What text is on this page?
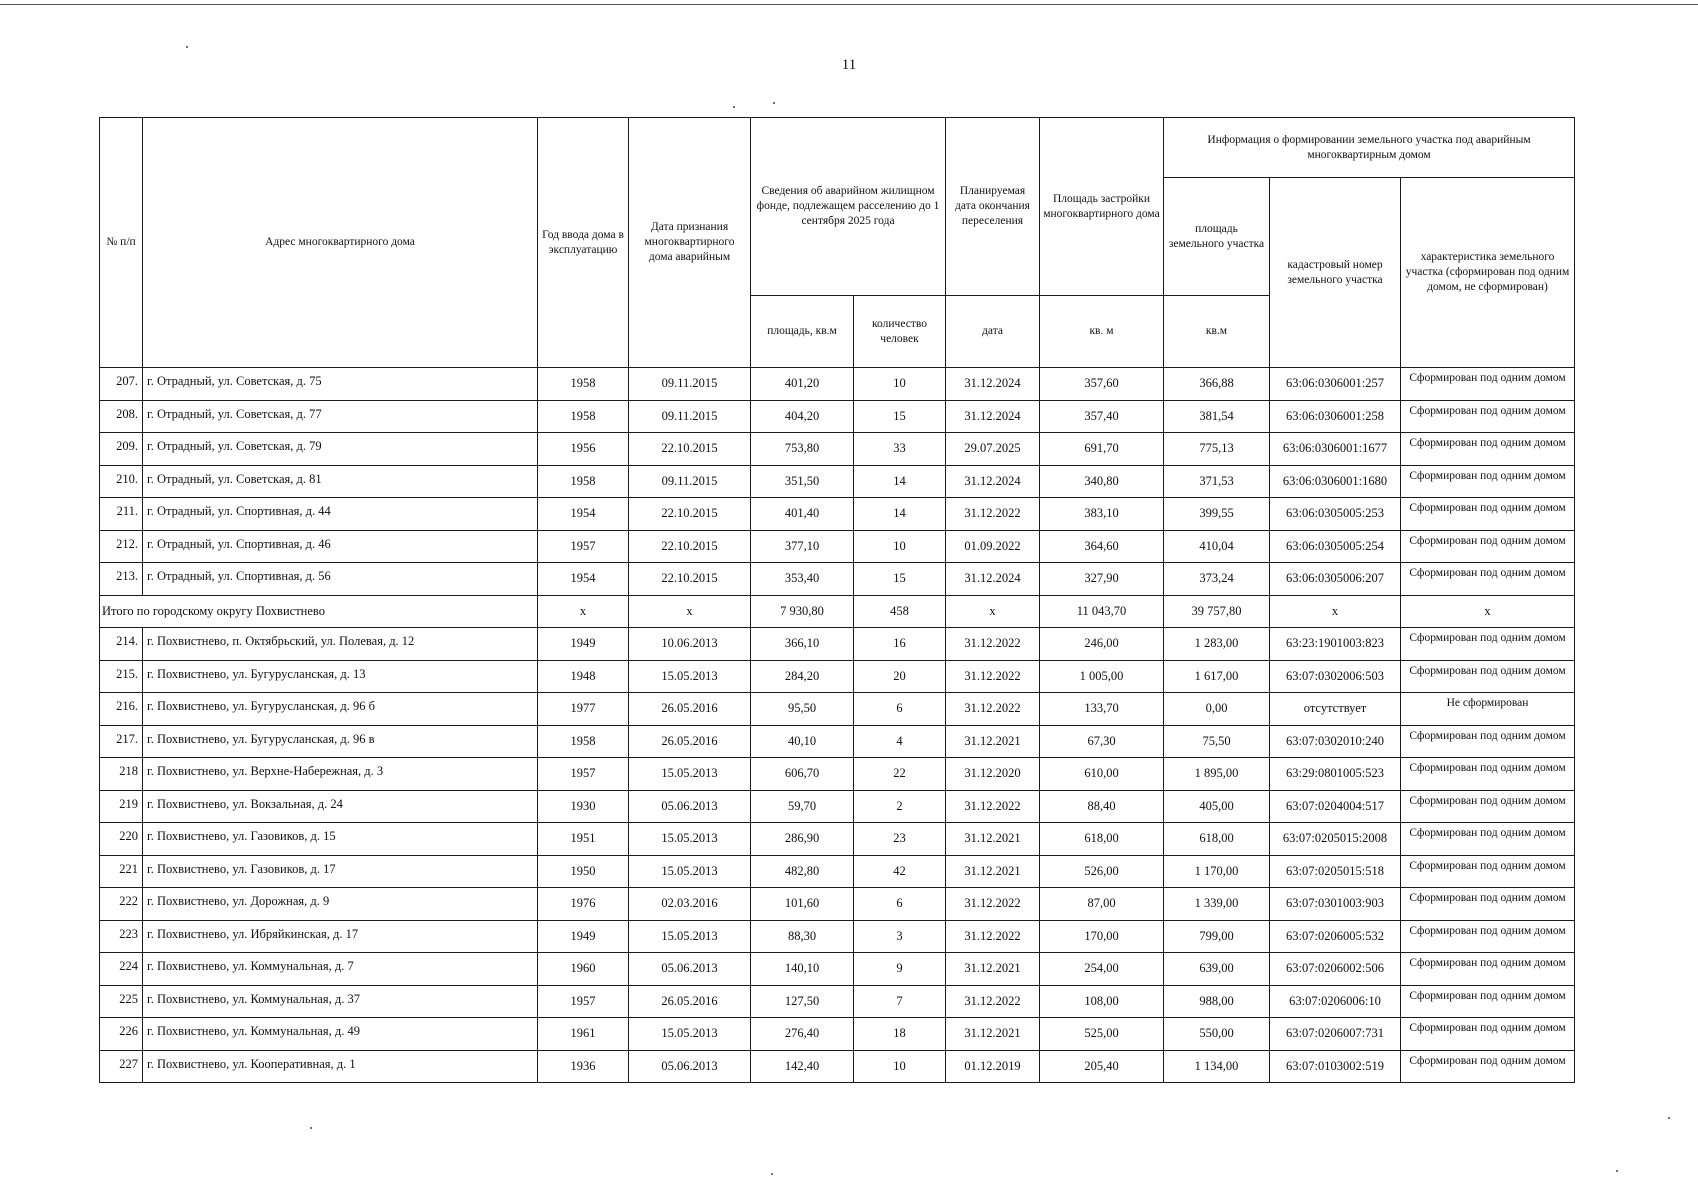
11
№ п/п	Адрес многоквартирного дома	Год ввода дома в эксплуатацию	Дата признания многоквартирного дома аварийным	Сведения об аварийном жилищном фонде, подлежащем расселению до 1 сентября 2025 года		Планируемая дата окончания переселения	Площадь застройки многоквартирного дома	Информация о формировании земельного участка под аварийным многоквартирным домом		
								площадь земельного участка	кадастровый номер земельного участка	характеристика земельного участка (сформирован под одним домом, не сформирован)
				площадь, кв.м	количество человек	дата	кв. м	кв.м		
207.	г. Отрадный, ул. Советская, д. 75	1958	09.11.2015	401,20	10	31.12.2024	357,60	366,88	63:06:0306001:257	Сформирован под одним домом
208.	г. Отрадный, ул. Советская, д. 77	1958	09.11.2015	404,20	15	31.12.2024	357,40	381,54	63:06:0306001:258	Сформирован под одним домом
209.	г. Отрадный, ул. Советская, д. 79	1956	22.10.2015	753,80	33	29.07.2025	691,70	775,13	63:06:0306001:1677	Сформирован под одним домом
210.	г. Отрадный, ул. Советская, д. 81	1958	09.11.2015	351,50	14	31.12.2024	340,80	371,53	63:06:0306001:1680	Сформирован под одним домом
211.	г. Отрадный, ул. Спортивная, д. 44	1954	22.10.2015	401,40	14	31.12.2022	383,10	399,55	63:06:0305005:253	Сформирован под одним домом
212.	г. Отрадный, ул. Спортивная, д. 46	1957	22.10.2015	377,10	10	01.09.2022	364,60	410,04	63:06:0305005:254	Сформирован под одним домом
213.	г. Отрадный, ул. Спортивная, д. 56	1954	22.10.2015	353,40	15	31.12.2024	327,90	373,24	63:06:0305006:207	Сформирован под одним домом
Итого по городскому округу Похвистнево		x	x	7 930,80	458	x	11 043,70	39 757,80	x	x
214.	г. Похвистнево, п. Октябрьский, ул. Полевая, д. 12	1949	10.06.2013	366,10	16	31.12.2022	246,00	1 283,00	63:23:1901003:823	Сформирован под одним домом
215.	г. Похвистнево, ул. Бугурусланская, д. 13	1948	15.05.2013	284,20	20	31.12.2022	1 005,00	1 617,00	63:07:0302006:503	Сформирован под одним домом
216.	г. Похвистнево, ул. Бугурусланская, д. 96 б	1977	26.05.2016	95,50	6	31.12.2022	133,70	0,00	отсутствует	Не сформирован
217.	г. Похвистнево, ул. Бугурусланская, д. 96 в	1958	26.05.2016	40,10	4	31.12.2021	67,30	75,50	63:07:0302010:240	Сформирован под одним домом
218	г. Похвистнево, ул. Верхне-Набережная, д. 3	1957	15.05.2013	606,70	22	31.12.2020	610,00	1 895,00	63:29:0801005:523	Сформирован под одним домом
219	г. Похвистнево, ул. Вокзальная, д. 24	1930	05.06.2013	59,70	2	31.12.2022	88,40	405,00	63:07:0204004:517	Сформирован под одним домом
220	г. Похвистнево, ул. Газовиков, д. 15	1951	15.05.2013	286,90	23	31.12.2021	618,00	618,00	63:07:0205015:2008	Сформирован под одним домом
221	г. Похвистнево, ул. Газовиков, д. 17	1950	15.05.2013	482,80	42	31.12.2021	526,00	1 170,00	63:07:0205015:518	Сформирован под одним домом
222	г. Похвистнево, ул. Дорожная, д. 9	1976	02.03.2016	101,60	6	31.12.2022	87,00	1 339,00	63:07:0301003:903	Сформирован под одним домом
223	г. Похвистнево, ул. Ибряйкинская, д. 17	1949	15.05.2013	88,30	3	31.12.2022	170,00	799,00	63:07:0206005:532	Сформирован под одним домом
224	г. Похвистнево, ул. Коммунальная, д. 7	1960	05.06.2013	140,10	9	31.12.2021	254,00	639,00	63:07:0206002:506	Сформирован под одним домом
225	г. Похвистнево, ул. Коммунальная, д. 37	1957	26.05.2016	127,50	7	31.12.2022	108,00	988,00	63:07:0206006:10	Сформирован под одним домом
226	г. Похвистнево, ул. Коммунальная, д. 49	1961	15.05.2013	276,40	18	31.12.2021	525,00	550,00	63:07:0206007:731	Сформирован под одним домом
227	г. Похвистнево, ул. Кооперативная, д. 1	1936	05.06.2013	142,40	10	01.12.2019	205,40	1 134,00	63:07:0103002:519	Сформирован под одним домом
